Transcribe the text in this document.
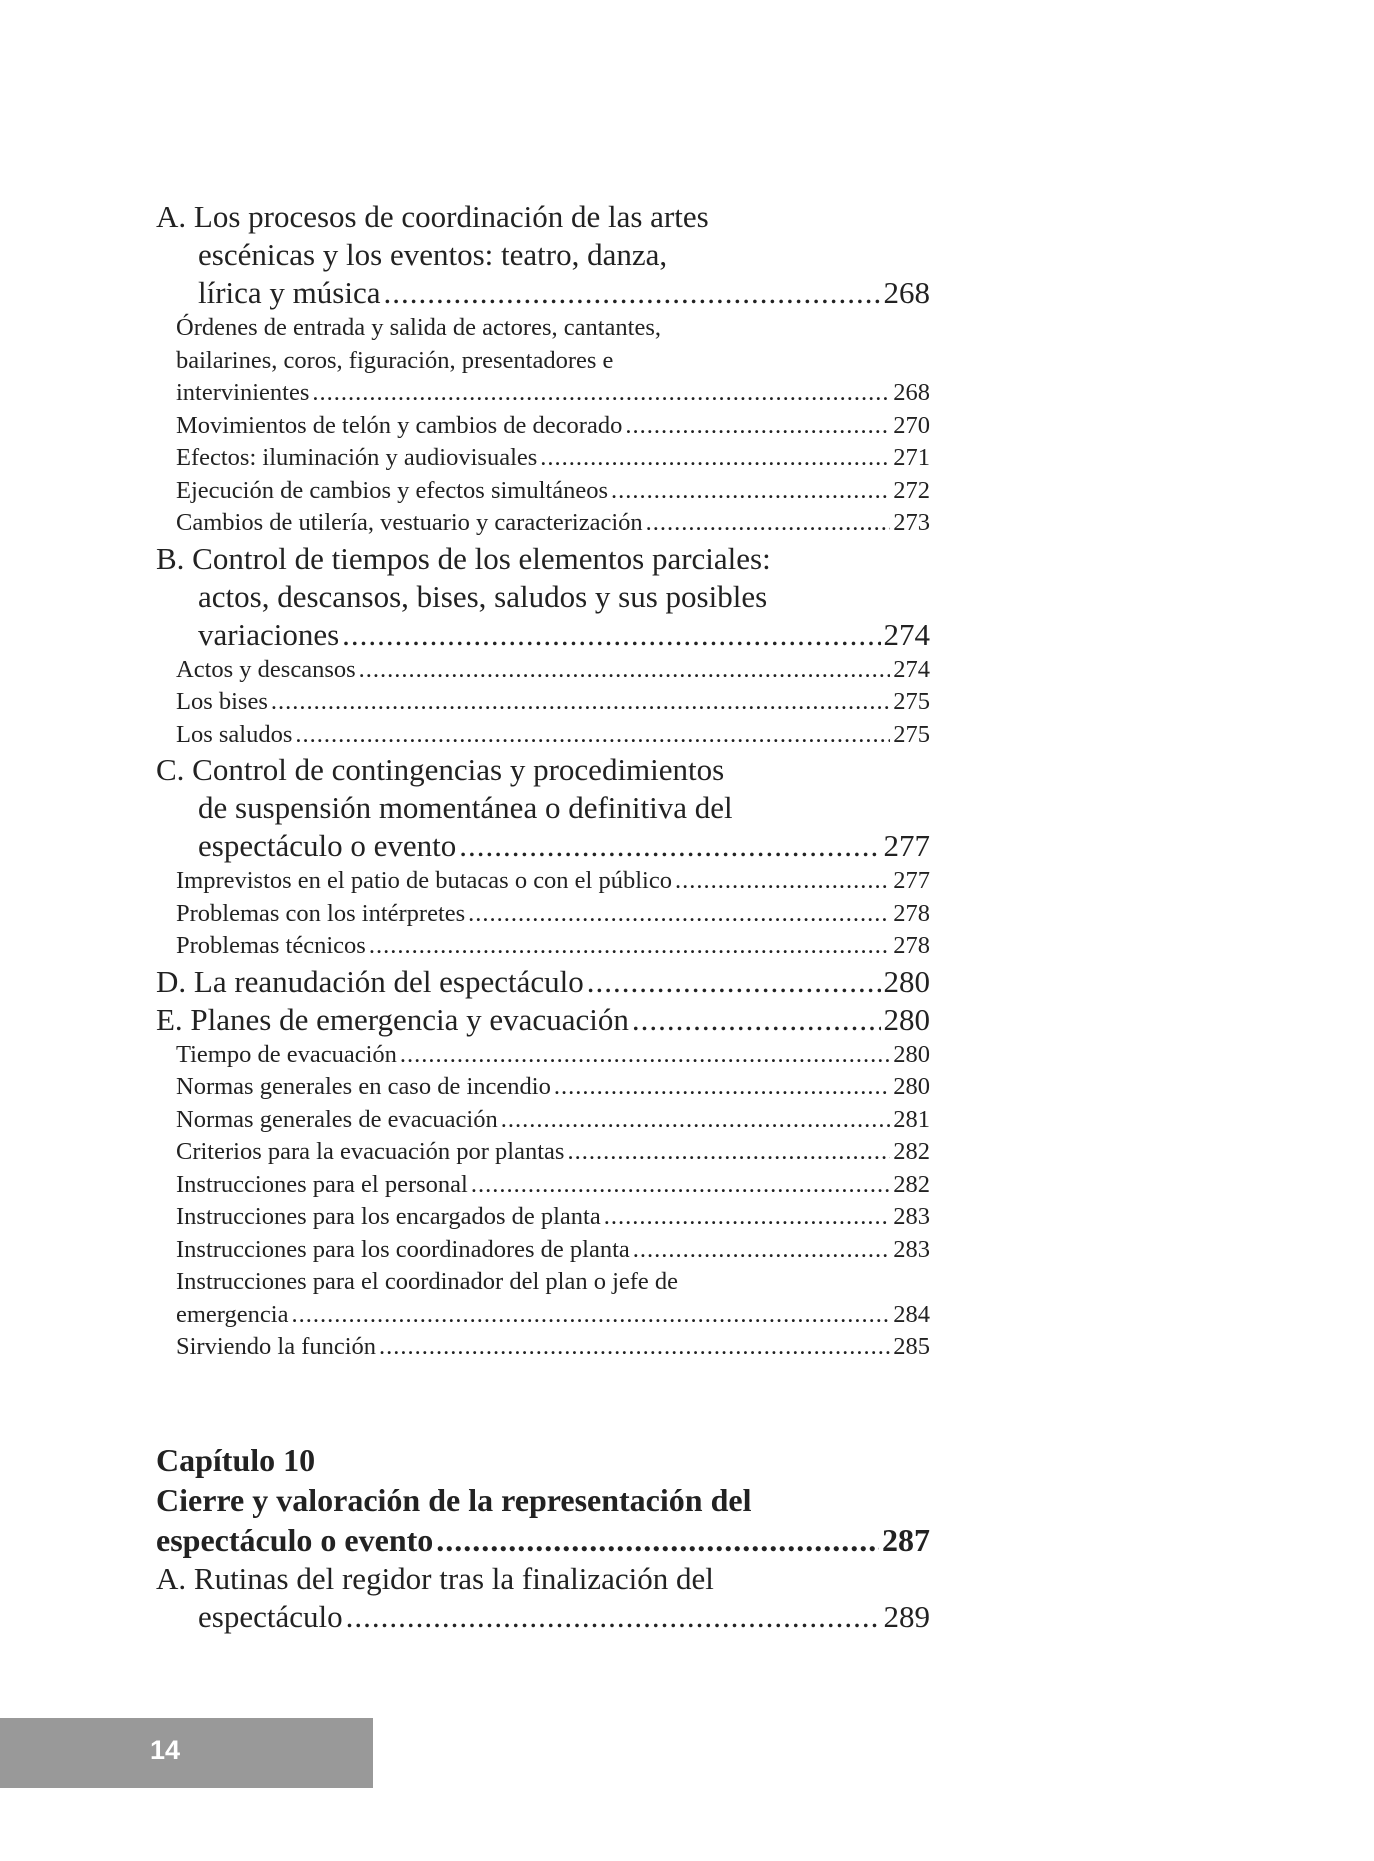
A. Los procesos de coordinación de las artes
escénicas y los eventos: teatro, danza,
lírica y música .....	268
Órdenes de entrada y salida de actores, cantantes,
bailarines, coros, figuración, presentadores e
intervinientes .....	268
Movimientos de telón y cambios de decorado .....	270
Efectos: iluminación y audiovisuales .....	271
Ejecución de cambios y efectos simultáneos .....	272
Cambios de utilería, vestuario y caracterización .....	273
B. Control de tiempos de los elementos parciales:
actos, descansos, bises, saludos y sus posibles
variaciones .....	274
Actos y descansos .....	274
Los bises .....	275
Los saludos .....	275
C. Control de contingencias y procedimientos
de suspensión momentánea o definitiva del
espectáculo o evento .....	277
Imprevistos en el patio de butacas o con el público .....	277
Problemas con los intérpretes .....	278
Problemas técnicos .....	278
D. La reanudación del espectáculo .....	280
E. Planes de emergencia y evacuación .....	280
Tiempo de evacuación .....	280
Normas generales en caso de incendio .....	280
Normas generales de evacuación .....	281
Criterios para la evacuación por plantas .....	282
Instrucciones para el personal .....	282
Instrucciones para los encargados de planta .....	283
Instrucciones para los coordinadores de planta .....	283
Instrucciones para el coordinador del plan o jefe de
emergencia .....	284
Sirviendo la función .....	285
Capítulo 10
Cierre y valoración de la representación del
espectáculo o evento .....	287
A. Rutinas del regidor tras la finalización del
espectáculo .....	289
14
